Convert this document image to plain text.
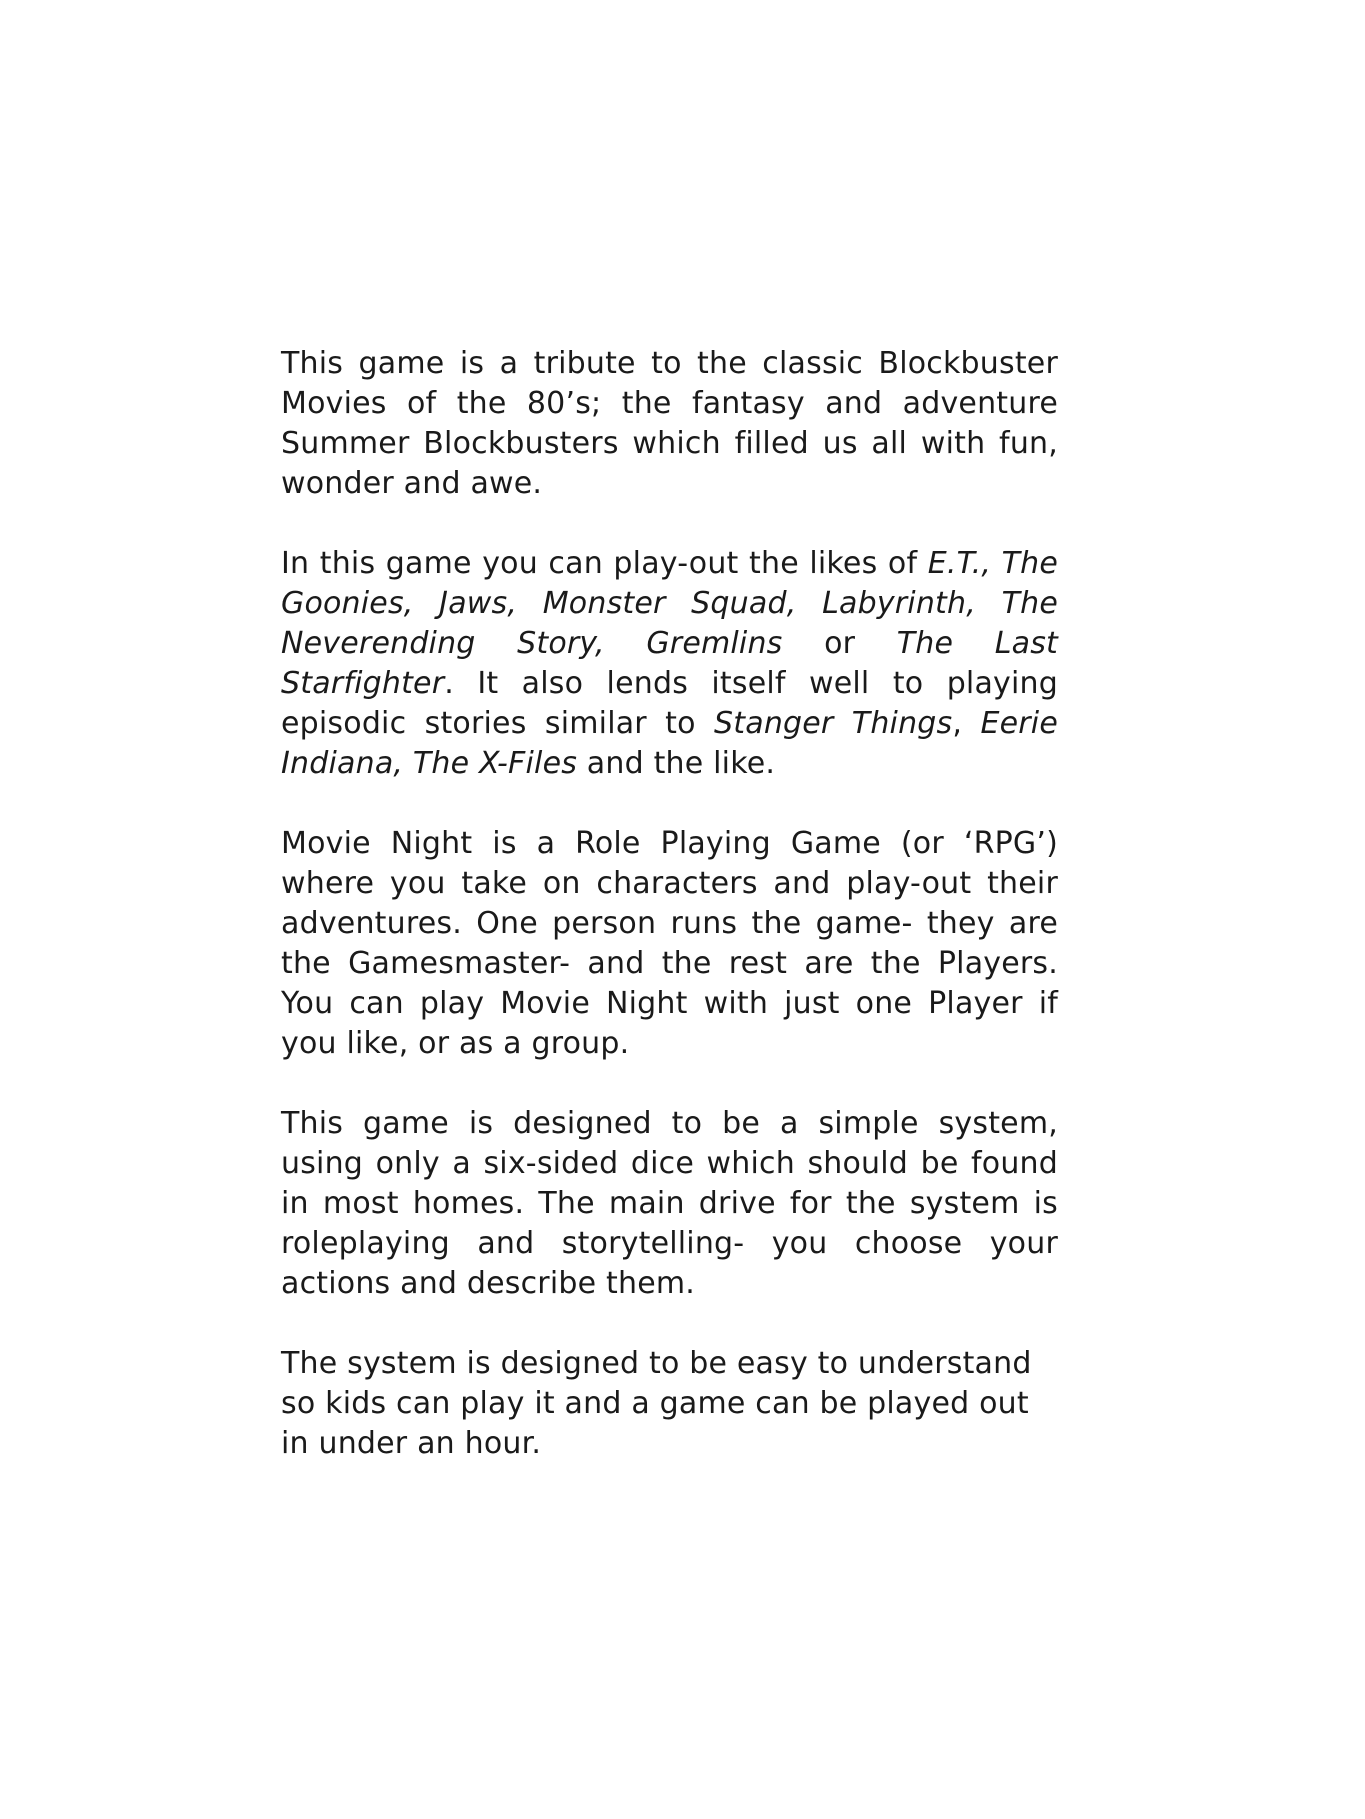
This game is a tribute to the classic Blockbuster Movies of the 80’s; the fantasy and adventure Summer Blockbusters which filled us all with fun, wonder and awe.

In this game you can play-out the likes of E.T., The Goonies, Jaws, Monster Squad, Labyrinth, The Neverending Story, Gremlins or The Last Starfighter. It also lends itself well to playing episodic stories similar to Stanger Things, Eerie Indiana, The X-Files and the like.

Movie Night is a Role Playing Game (or ‘RPG’) where you take on characters and play-out their adventures. One person runs the game- they are the Gamesmaster- and the rest are the Players. You can play Movie Night with just one Player if you like, or as a group.

This game is designed to be a simple system, using only a six-sided dice which should be found in most homes. The main drive for the system is roleplaying and storytelling- you choose your actions and describe them.

The system is designed to be easy to understand so kids can play it and a game can be played out in under an hour.
